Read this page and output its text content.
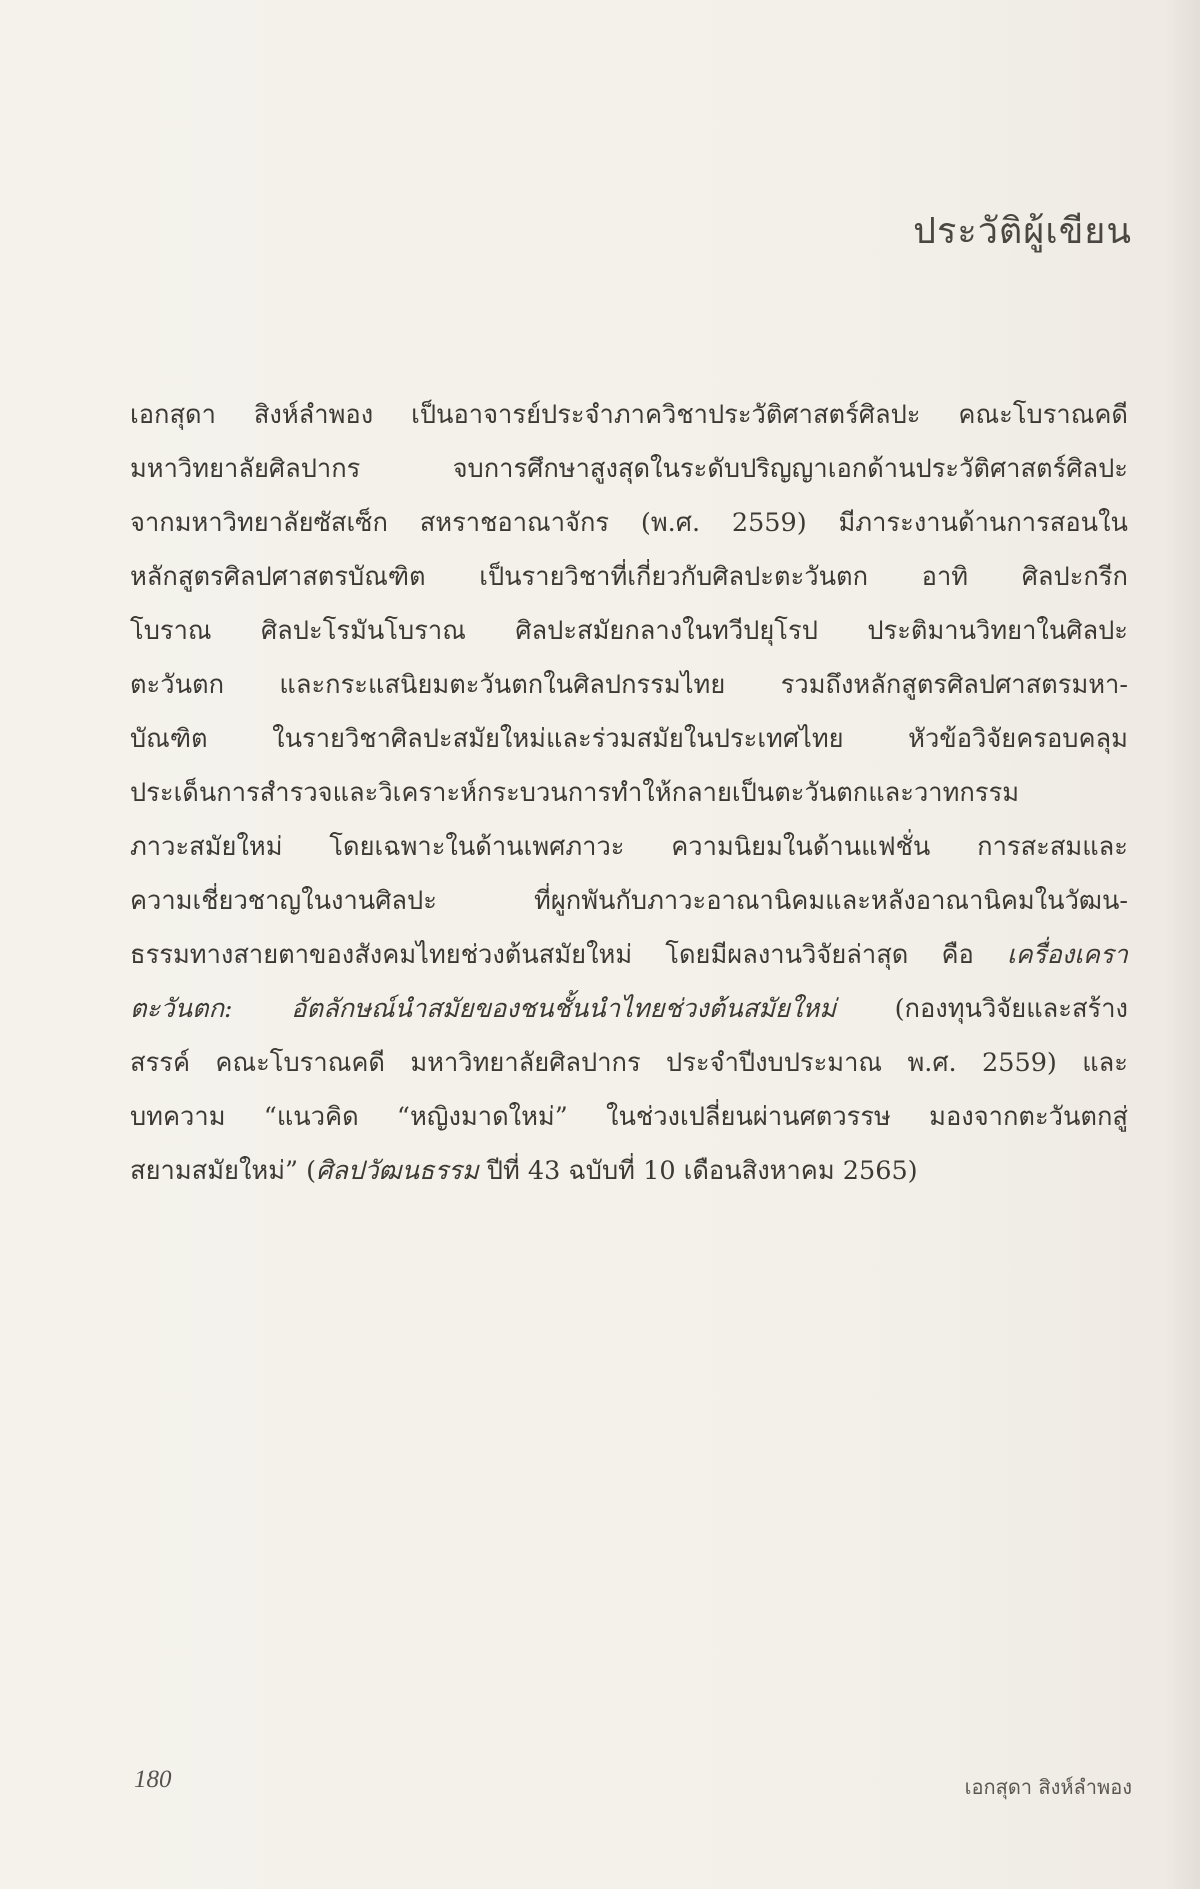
ประวัติผู้เขียน
เอกสุดา สิงห์ลำพอง เป็นอาจารย์ประจำภาควิชาประวัติศาสตร์ศิลปะ คณะโบราณคดี
มหาวิทยาลัยศิลปากร จบการศึกษาสูงสุดในระดับปริญญาเอกด้านประวัติศาสตร์ศิลปะ
จากมหาวิทยาลัยซัสเซ็ก สหราชอาณาจักร (พ.ศ. 2559) มีภาระงานด้านการสอนใน
หลักสูตรศิลปศาสตรบัณฑิต เป็นรายวิชาที่เกี่ยวกับศิลปะตะวันตก อาทิ ศิลปะกรีก
โบราณ ศิลปะโรมันโบราณ ศิลปะสมัยกลางในทวีปยุโรป ประติมานวิทยาในศิลปะ
ตะวันตก และกระแสนิยมตะวันตกในศิลปกรรมไทย รวมถึงหลักสูตรศิลปศาสตรมหา-
บัณฑิต ในรายวิชาศิลปะสมัยใหม่และร่วมสมัยในประเทศไทย หัวข้อวิจัยครอบคลุม
ประเด็นการสำรวจและวิเคราะห์กระบวนการทำให้กลายเป็นตะวันตกและวาทกรรม
ภาวะสมัยใหม่ โดยเฉพาะในด้านเพศภาวะ ความนิยมในด้านแฟชั่น การสะสมและ
ความเชี่ยวชาญในงานศิลปะ ที่ผูกพันกับภาวะอาณานิคมและหลังอาณานิคมในวัฒน-
ธรรมทางสายตาของสังคมไทยช่วงต้นสมัยใหม่ โดยมีผลงานวิจัยล่าสุด คือ เครื่องเครา
ตะวันตก: อัตลักษณ์นำสมัยของชนชั้นนำไทยช่วงต้นสมัยใหม่ (กองทุนวิจัยและสร้าง
สรรค์ คณะโบราณคดี มหาวิทยาลัยศิลปากร ประจำปีงบประมาณ พ.ศ. 2559) และ
บทความ “แนวคิด “หญิงมาดใหม่” ในช่วงเปลี่ยนผ่านศตวรรษ มองจากตะวันตกสู่
สยามสมัยใหม่” (ศิลปวัฒนธรรม ปีที่ 43 ฉบับที่ 10 เดือนสิงหาคม 2565)
180	เอกสุดา สิงห์ลำพอง
